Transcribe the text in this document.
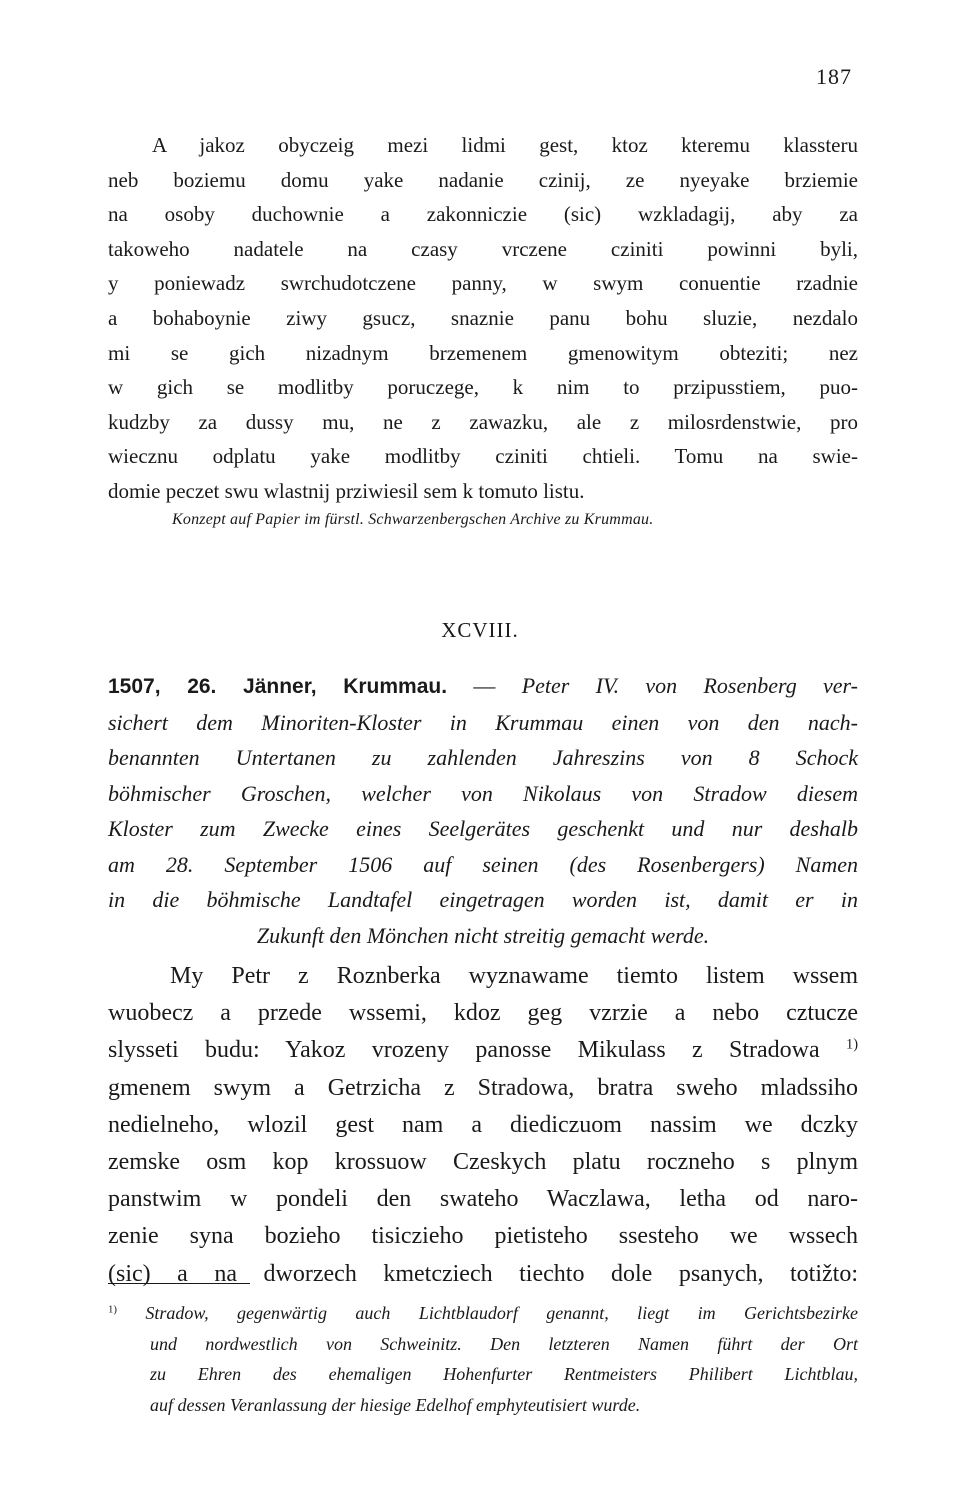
187
A jakoz obyczeig mezi lidmi gest, ktoz kteremu klassteru
neb boziemu domu yake nadanie czinij, ze nyeyake brziemie
na osoby duchownie a zakonniczie (sic) wzkladagij, aby za
takoweho nadatele na czasy vrczene cziniti powinni byli,
y poniewadz swrchudotczene panny, w swym conuentie rzadnie
a bohaboynie ziwy gsucz, snaznie panu bohu sluzie, nezdalo
mi se gich nizadnym brzemenem gmenowitym obteziti; nez
w gich se modlitby poruczege, k nim to przipusstiem, puo-
kudzby za dussy mu, ne z zawazku, ale z milosrdenstwie, pro
wiecznu odplatu yake modlitby cziniti chtieli. Tomu na swie-
domie peczet swu wlastnij prziwiesil sem k tomuto listu.
Konzept auf Papier im fürstl. Schwarzenbergschen Archive zu Krummau.
XCVIII.
1507, 26. Jänner, Krummau. — Peter IV. von Rosenberg ver-
sichert dem Minoriten-Kloster in Krummau einen von den nach-
benannten Untertanen zu zahlenden Jahreszins von 8 Schock
böhmischer Groschen, welcher von Nikolaus von Stradow diesem
Kloster zum Zwecke eines Seelgerätes geschenkt und nur deshalb
am 28. September 1506 auf seinen (des Rosenbergers) Namen
in die böhmische Landtafel eingetragen worden ist, damit er in
Zukunft den Mönchen nicht streitig gemacht werde.
My Petr z Roznberka wyznawame tiemto listem wssem
wuobecz a przede wssemi, kdoz geg vzrzie a nebo cztucze
slysseti budu: Yakoz vrozeny panosse Mikulass z Stradowa $^{1)}$
gmenem swym a Getrzicha z Stradowa, bratra sweho mladssiho
nedielneho, wlozil gest nam a diediczuom nassim we dczky
zemske osm kop krossuow Czeskych platu roczneho s plnym
panstwim w pondeli den swateho Waczlawa, letha od naro-
zenie syna bozieho tisiczieho pietisteho ssesteho we wssech
(sic) a na dworzech kmetcziech tiechto dole psanych, totižto:
$^{1)}$ Stradow, gegenwärtig auch Lichtblaudorf genannt, liegt im Gerichtsbezirke
und nordwestlich von Schweinitz. Den letzteren Namen führt der Ort
zu Ehren des ehemaligen Hohenfurter Rentmeisters Philibert Lichtblau,
auf dessen Veranlassung der hiesige Edelhof emphyteutisiert wurde.
